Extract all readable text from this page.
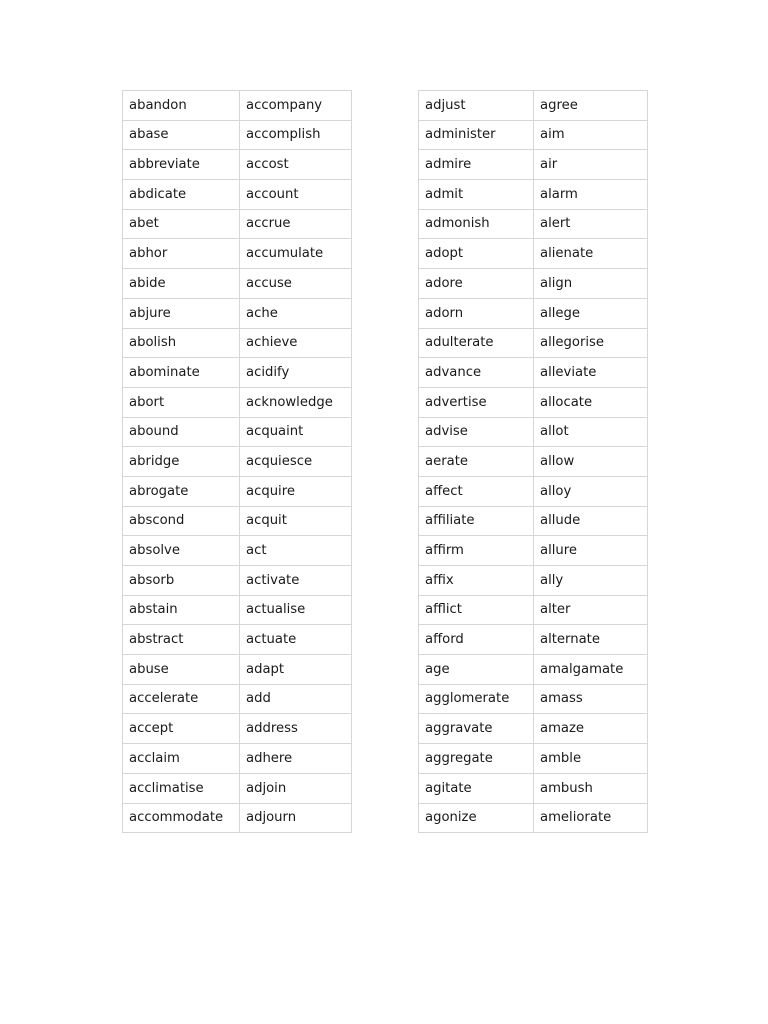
abandon	accompany
abase	accomplish
abbreviate	accost
abdicate	account
abet	accrue
abhor	accumulate
abide	accuse
abjure	ache
abolish	achieve
abominate	acidify
abort	acknowledge
abound	acquaint
abridge	acquiesce
abrogate	acquire
abscond	acquit
absolve	act
absorb	activate
abstain	actualise
abstract	actuate
abuse	adapt
accelerate	add
accept	address
acclaim	adhere
acclimatise	adjoin
accommodate	adjourn
adjust	agree
administer	aim
admire	air
admit	alarm
admonish	alert
adopt	alienate
adore	align
adorn	allege
adulterate	allegorise
advance	alleviate
advertise	allocate
advise	allot
aerate	allow
affect	alloy
affiliate	allude
affirm	allure
affix	ally
afflict	alter
afford	alternate
age	amalgamate
agglomerate	amass
aggravate	amaze
aggregate	amble
agitate	ambush
agonize	ameliorate
